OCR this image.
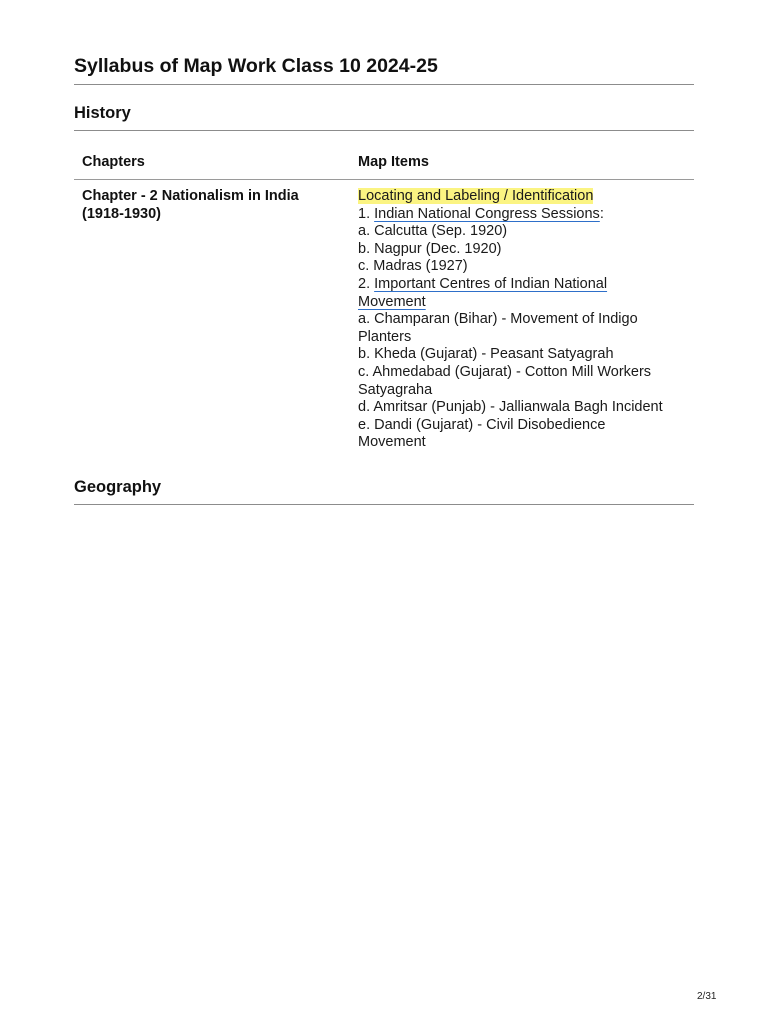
Syllabus of Map Work Class 10 2024-25
History
Chapters	Map Items
Chapter - 2 Nationalism in India
(1918-1930)
Locating and Labeling / Identification
1. Indian National Congress Sessions:
a. Calcutta (Sep. 1920)
b. Nagpur (Dec. 1920)
c. Madras (1927)
2. Important Centres of Indian National
Movement
a. Champaran (Bihar) - Movement of Indigo
Planters
b. Kheda (Gujarat) - Peasant Satyagrah
c. Ahmedabad (Gujarat) - Cotton Mill Workers
Satyagraha
d. Amritsar (Punjab) - Jallianwala Bagh Incident
e. Dandi (Gujarat) - Civil Disobedience
Movement
Geography
2/31
